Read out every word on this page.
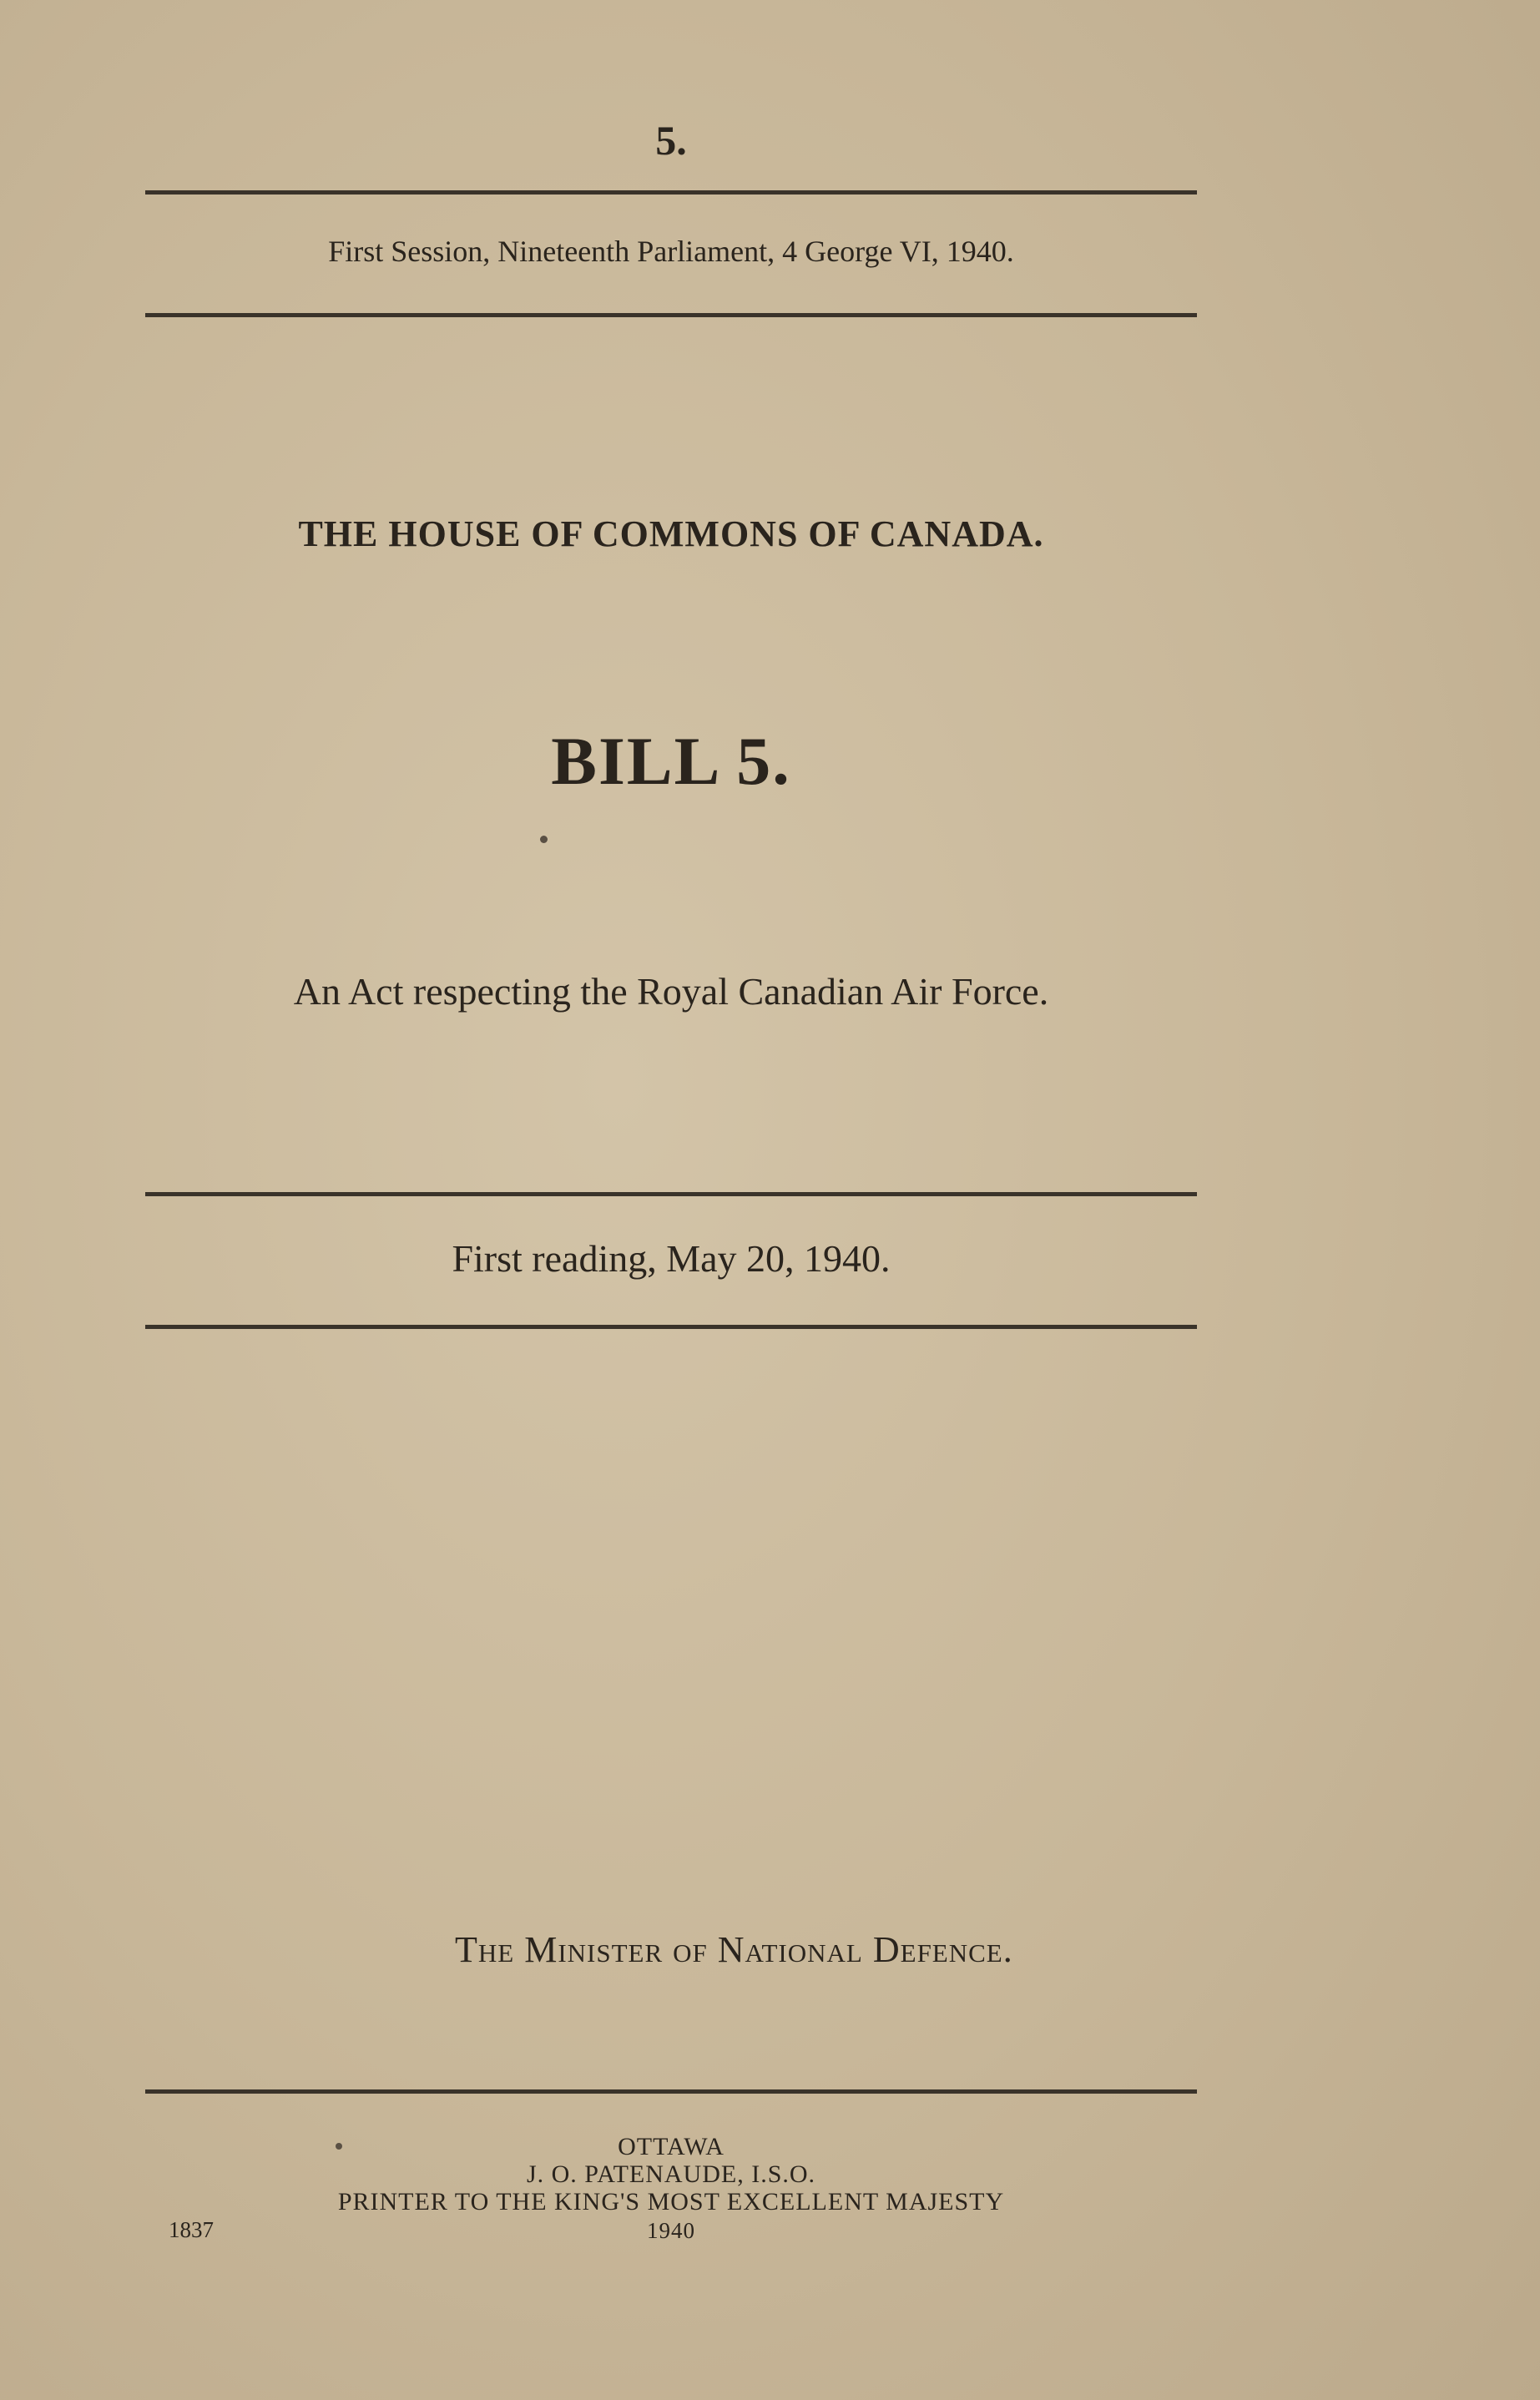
5.
First Session, Nineteenth Parliament, 4 George VI, 1940.
THE HOUSE OF COMMONS OF CANADA.
BILL 5.
An Act respecting the Royal Canadian Air Force.
First reading, May 20, 1940.
The Minister of National Defence.
OTTAWA
J. O. PATENAUDE, I.S.O.
PRINTER TO THE KING'S MOST EXCELLENT MAJESTY
1940
1837
